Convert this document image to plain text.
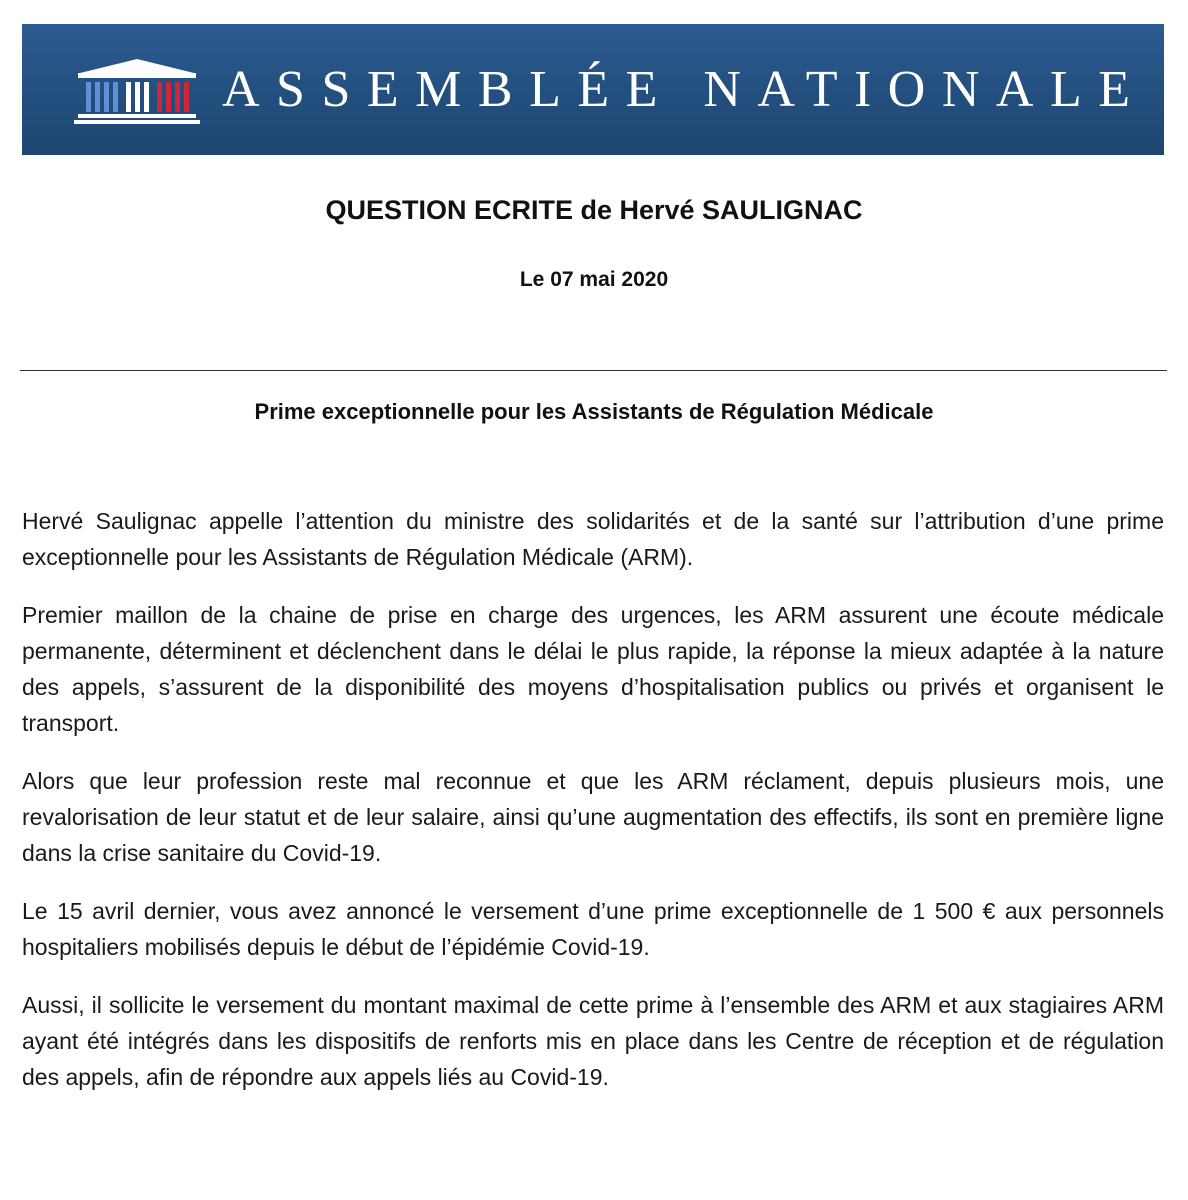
ASSEMBLÉE NATIONALE
QUESTION ECRITE de Hervé SAULIGNAC
Le 07 mai 2020
Prime exceptionnelle pour les Assistants de Régulation Médicale

Hervé Saulignac appelle l’attention du ministre des solidarités et de la santé sur l’attribution d’une prime exceptionnelle pour les Assistants de Régulation Médicale (ARM).

Premier maillon de la chaine de prise en charge des urgences, les ARM assurent une écoute médicale permanente, déterminent et déclenchent dans le délai le plus rapide, la réponse la mieux adaptée à la nature des appels, s’assurent de la disponibilité des moyens d’hospitalisation publics ou privés et organisent le transport.

Alors que leur profession reste mal reconnue et que les ARM réclament, depuis plusieurs mois, une revalorisation de leur statut et de leur salaire, ainsi qu’une augmentation des effectifs, ils sont en première ligne dans la crise sanitaire du Covid-19.

Le 15 avril dernier, vous avez annoncé le versement d’une prime exceptionnelle de 1 500 € aux personnels hospitaliers mobilisés depuis le début de l’épidémie Covid-19.

Aussi, il sollicite le versement du montant maximal de cette prime à l’ensemble des ARM et aux stagiaires ARM ayant été intégrés dans les dispositifs de renforts mis en place dans les Centre de réception et de régulation des appels, afin de répondre aux appels liés au Covid-19.
